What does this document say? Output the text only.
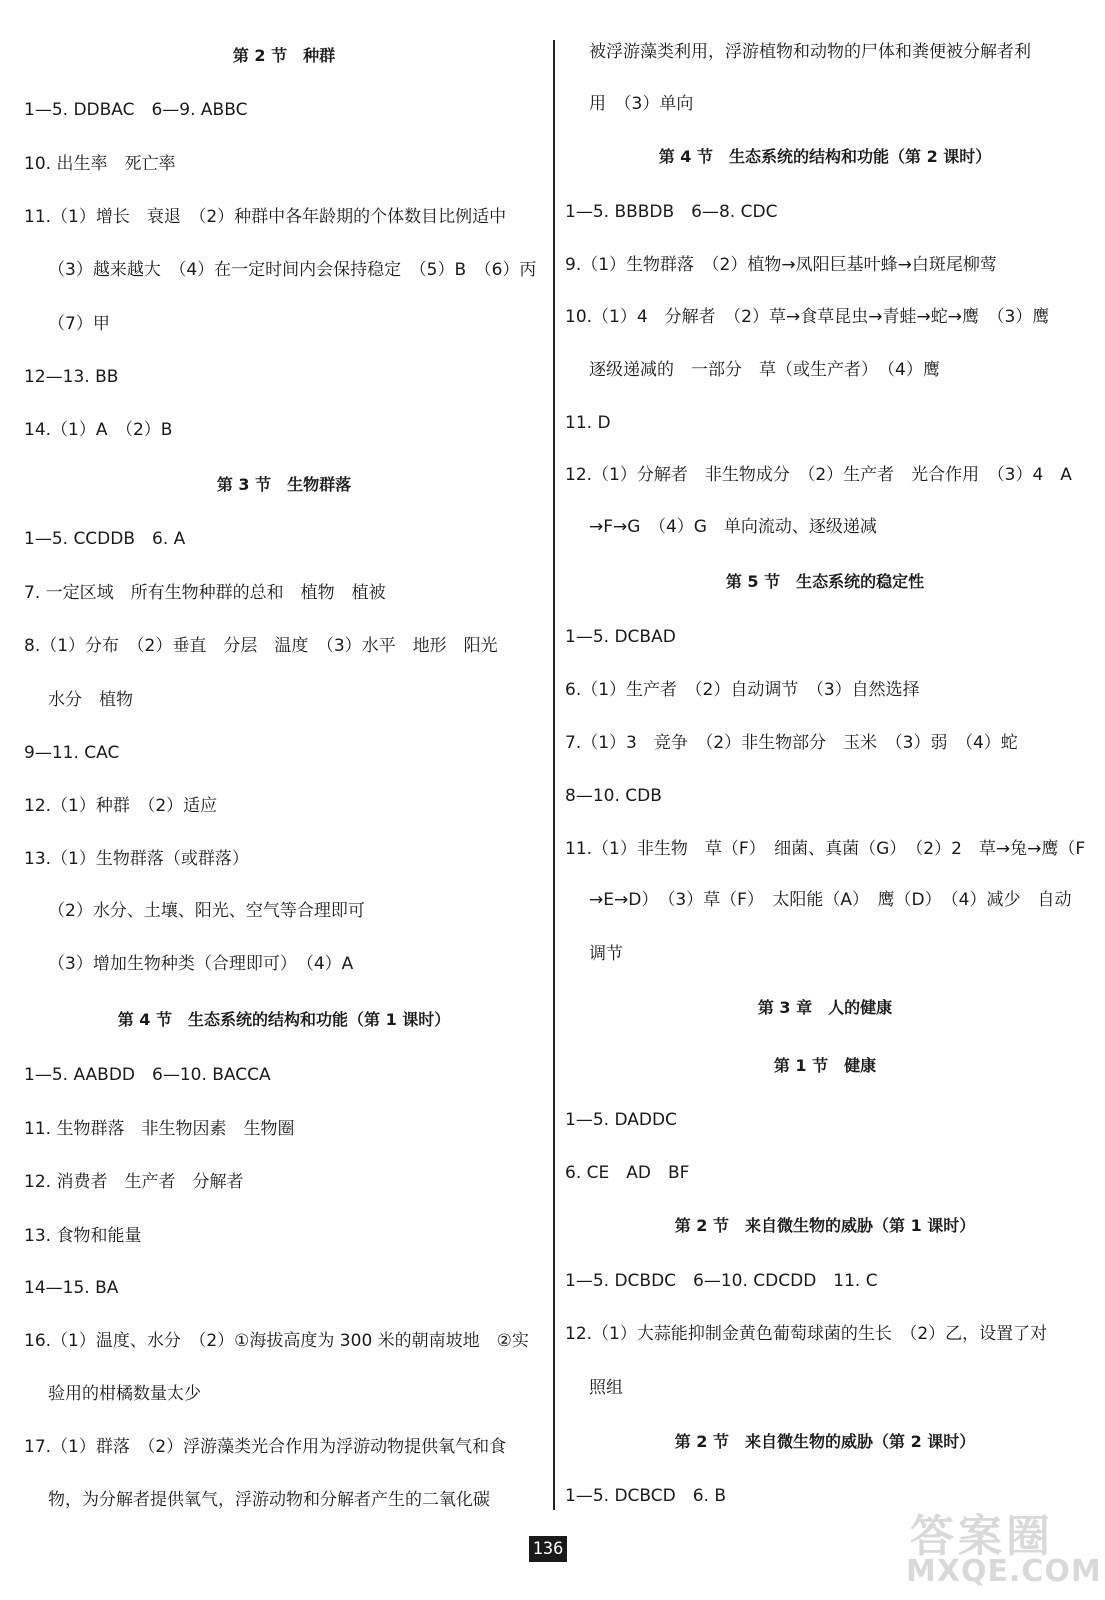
第 2 节　种群
1—5. DDBAC　6—9. ABBC
10. 出生率　死亡率
11.（1）增长　衰退　（2）种群中各年龄期的个体数目比例适中
（3）越来越大　（4）在一定时间内会保持稳定　（5）B　（6）丙
（7）甲
12—13. BB
14.（1）A　（2）B
第 3 节　生物群落
1—5. CCDDB　6. A
7. 一定区域　所有生物种群的总和　植物　植被
8.（1）分布　（2）垂直　分层　温度　（3）水平　地形　阳光
水分　植物
9—11. CAC
12.（1）种群　（2）适应
13.（1）生物群落（或群落）
（2）水分、土壤、阳光、空气等合理即可
（3）增加生物种类（合理即可）　（4）A
第 4 节　生态系统的结构和功能（第 1 课时）
1—5. AABDD　6—10. BACCA
11. 生物群落　非生物因素　生物圈
12. 消费者　生产者　分解者
13. 食物和能量
14—15. BA
16.（1）温度、水分　（2）①海拔高度为 300 米的朝南坡地　②实
验用的柑橘数量太少
17.（1）群落　（2）浮游藻类光合作用为浮游动物提供氧气和食
物，为分解者提供氧气，浮游动物和分解者产生的二氧化碳
被浮游藻类利用，浮游植物和动物的尸体和粪便被分解者利
用　（3）单向
第 4 节　生态系统的结构和功能（第 2 课时）
1—5. BBBDB　6—8. CDC
9.（1）生物群落　（2）植物→凤阳巨基叶蜂→白斑尾柳莺
10.（1）4　分解者　（2）草→食草昆虫→青蛙→蛇→鹰　（3）鹰
逐级递减的　一部分　草（或生产者）　（4）鹰
11. D
12.（1）分解者　非生物成分　（2）生产者　光合作用　（3）4　A
→F→G　（4）G　单向流动、逐级递减
第 5 节　生态系统的稳定性
1—5. DCBAD
6.（1）生产者　（2）自动调节　（3）自然选择
7.（1）3　竞争　（2）非生物部分　玉米　（3）弱　（4）蛇
8—10. CDB
11.（1）非生物　草（F）　细菌、真菌（G）　（2）2　草→兔→鹰（F
→E→D）　（3）草（F）　太阳能（A）　鹰（D）　（4）减少　自动
调节
第 3 章　人的健康
第 1 节　健康
1—5. DADDC
6. CE　AD　BF
第 2 节　来自微生物的威胁（第 1 课时）
1—5. DCBDC　6—10. CDCDD　11. C
12.（1）大蒜能抑制金黄色葡萄球菌的生长　（2）乙，设置了对
照组
第 2 节　来自微生物的威胁（第 2 课时）
1—5. DCBCD　6. B
136	答案圈
MXQE.COM
